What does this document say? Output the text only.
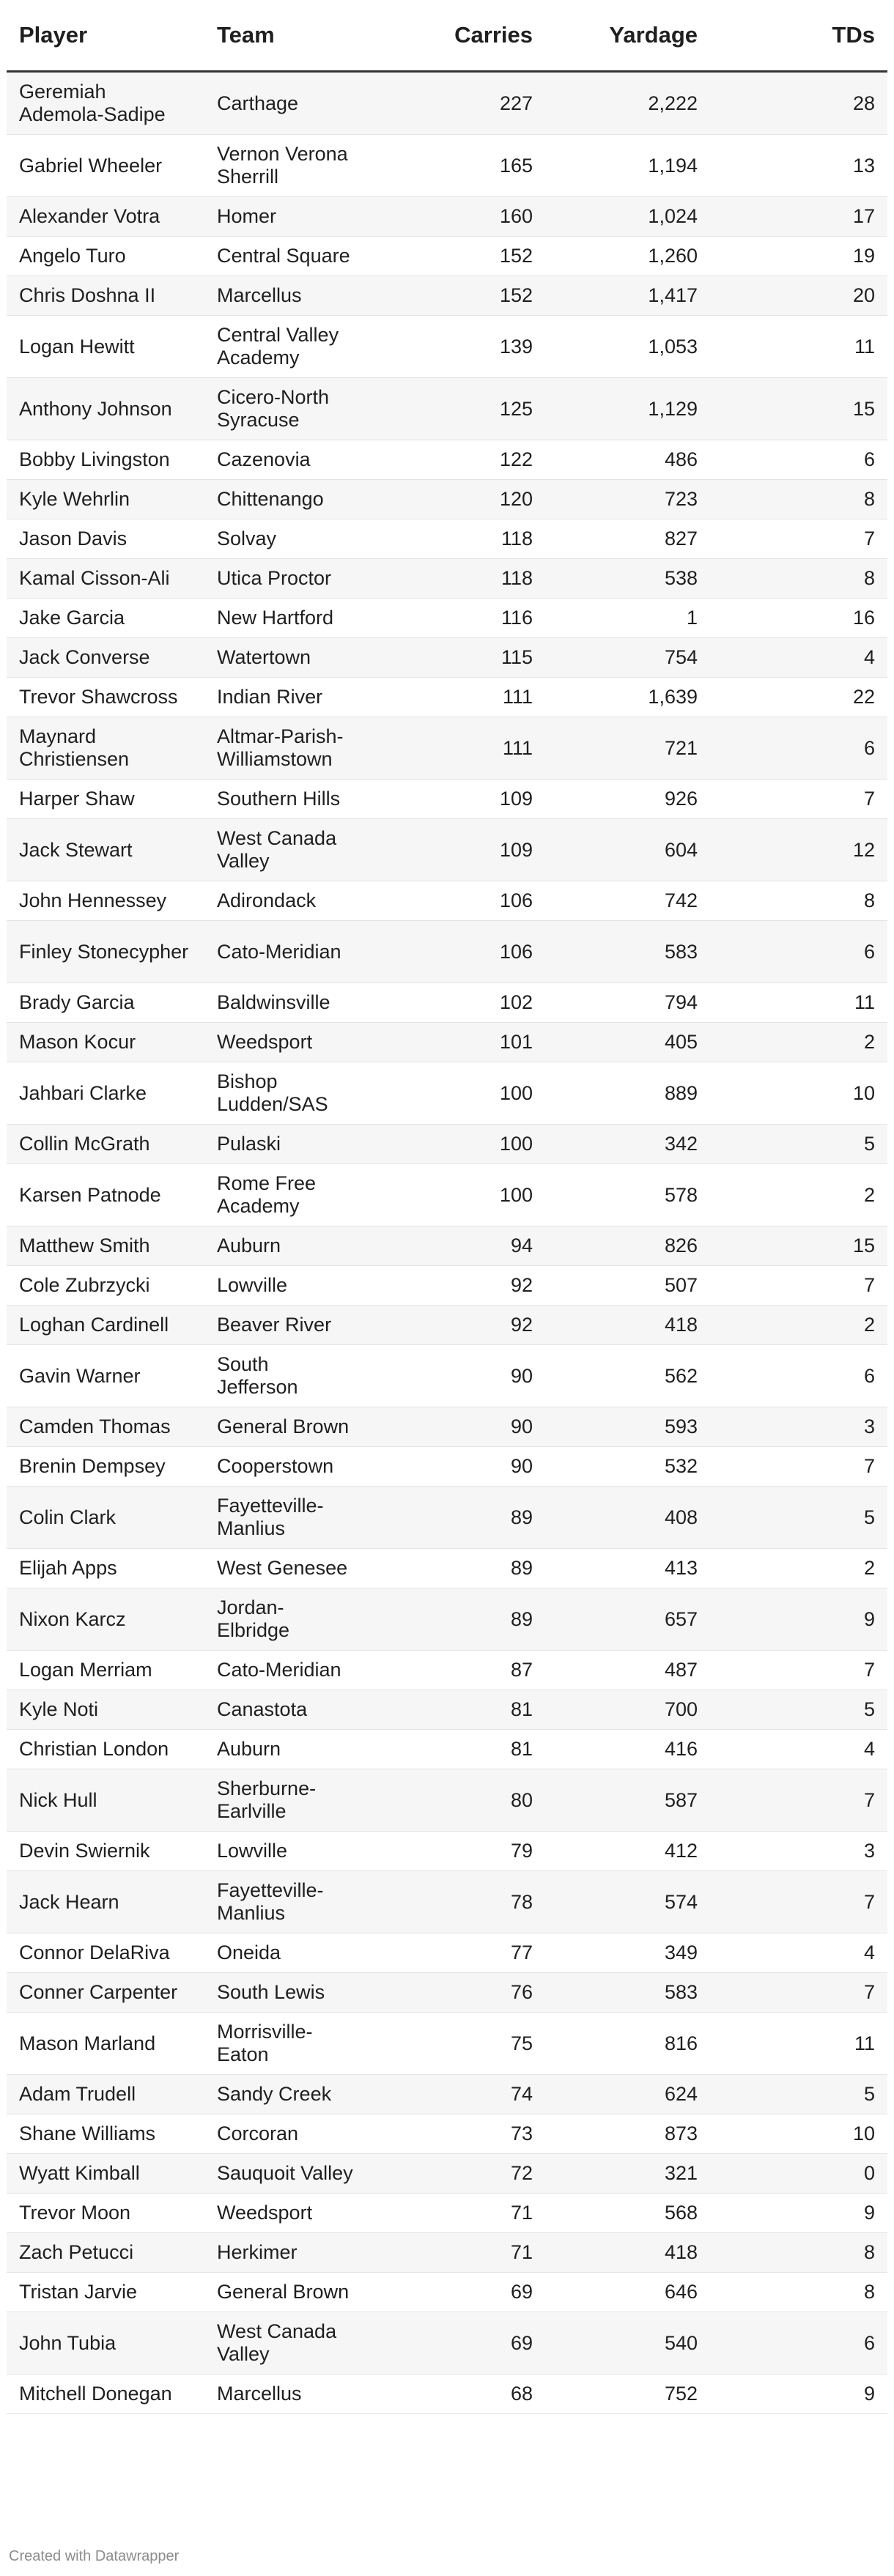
Player	Team	Carries	Yardage	TDs
Geremiah Ademola-Sadipe	Carthage	227	2,222	28
Gabriel Wheeler	Vernon Verona Sherrill	165	1,194	13
Alexander Votra	Homer	160	1,024	17
Angelo Turo	Central Square	152	1,260	19
Chris Doshna II	Marcellus	152	1,417	20
Logan Hewitt	Central Valley Academy	139	1,053	11
Anthony Johnson	Cicero-North Syracuse	125	1,129	15
Bobby Livingston	Cazenovia	122	486	6
Kyle Wehrlin	Chittenango	120	723	8
Jason Davis	Solvay	118	827	7
Kamal Cisson-Ali	Utica Proctor	118	538	8
Jake Garcia	New Hartford	116	1	16
Jack Converse	Watertown	115	754	4
Trevor Shawcross	Indian River	111	1,639	22
Maynard Christiensen	Altmar-Parish-Williamstown	111	721	6
Harper Shaw	Southern Hills	109	926	7
Jack Stewart	West Canada Valley	109	604	12
John Hennessey	Adirondack	106	742	8
Finley Stonecypher	Cato-Meridian	106	583	6
Brady Garcia	Baldwinsville	102	794	11
Mason Kocur	Weedsport	101	405	2
Jahbari Clarke	Bishop Ludden/SAS	100	889	10
Collin McGrath	Pulaski	100	342	5
Karsen Patnode	Rome Free Academy	100	578	2
Matthew Smith	Auburn	94	826	15
Cole Zubrzycki	Lowville	92	507	7
Loghan Cardinell	Beaver River	92	418	2
Gavin Warner	South Jefferson	90	562	6
Camden Thomas	General Brown	90	593	3
Brenin Dempsey	Cooperstown	90	532	7
Colin Clark	Fayetteville-Manlius	89	408	5
Elijah Apps	West Genesee	89	413	2
Nixon Karcz	Jordan-Elbridge	89	657	9
Logan Merriam	Cato-Meridian	87	487	7
Kyle Noti	Canastota	81	700	5
Christian London	Auburn	81	416	4
Nick Hull	Sherburne-Earlville	80	587	7
Devin Swiernik	Lowville	79	412	3
Jack Hearn	Fayetteville-Manlius	78	574	7
Connor DelaRiva	Oneida	77	349	4
Conner Carpenter	South Lewis	76	583	7
Mason Marland	Morrisville-Eaton	75	816	11
Adam Trudell	Sandy Creek	74	624	5
Shane Williams	Corcoran	73	873	10
Wyatt Kimball	Sauquoit Valley	72	321	0
Trevor Moon	Weedsport	71	568	9
Zach Petucci	Herkimer	71	418	8
Tristan Jarvie	General Brown	69	646	8
John Tubia	West Canada Valley	69	540	6
Mitchell Donegan	Marcellus	68	752	9
Created with Datawrapper
